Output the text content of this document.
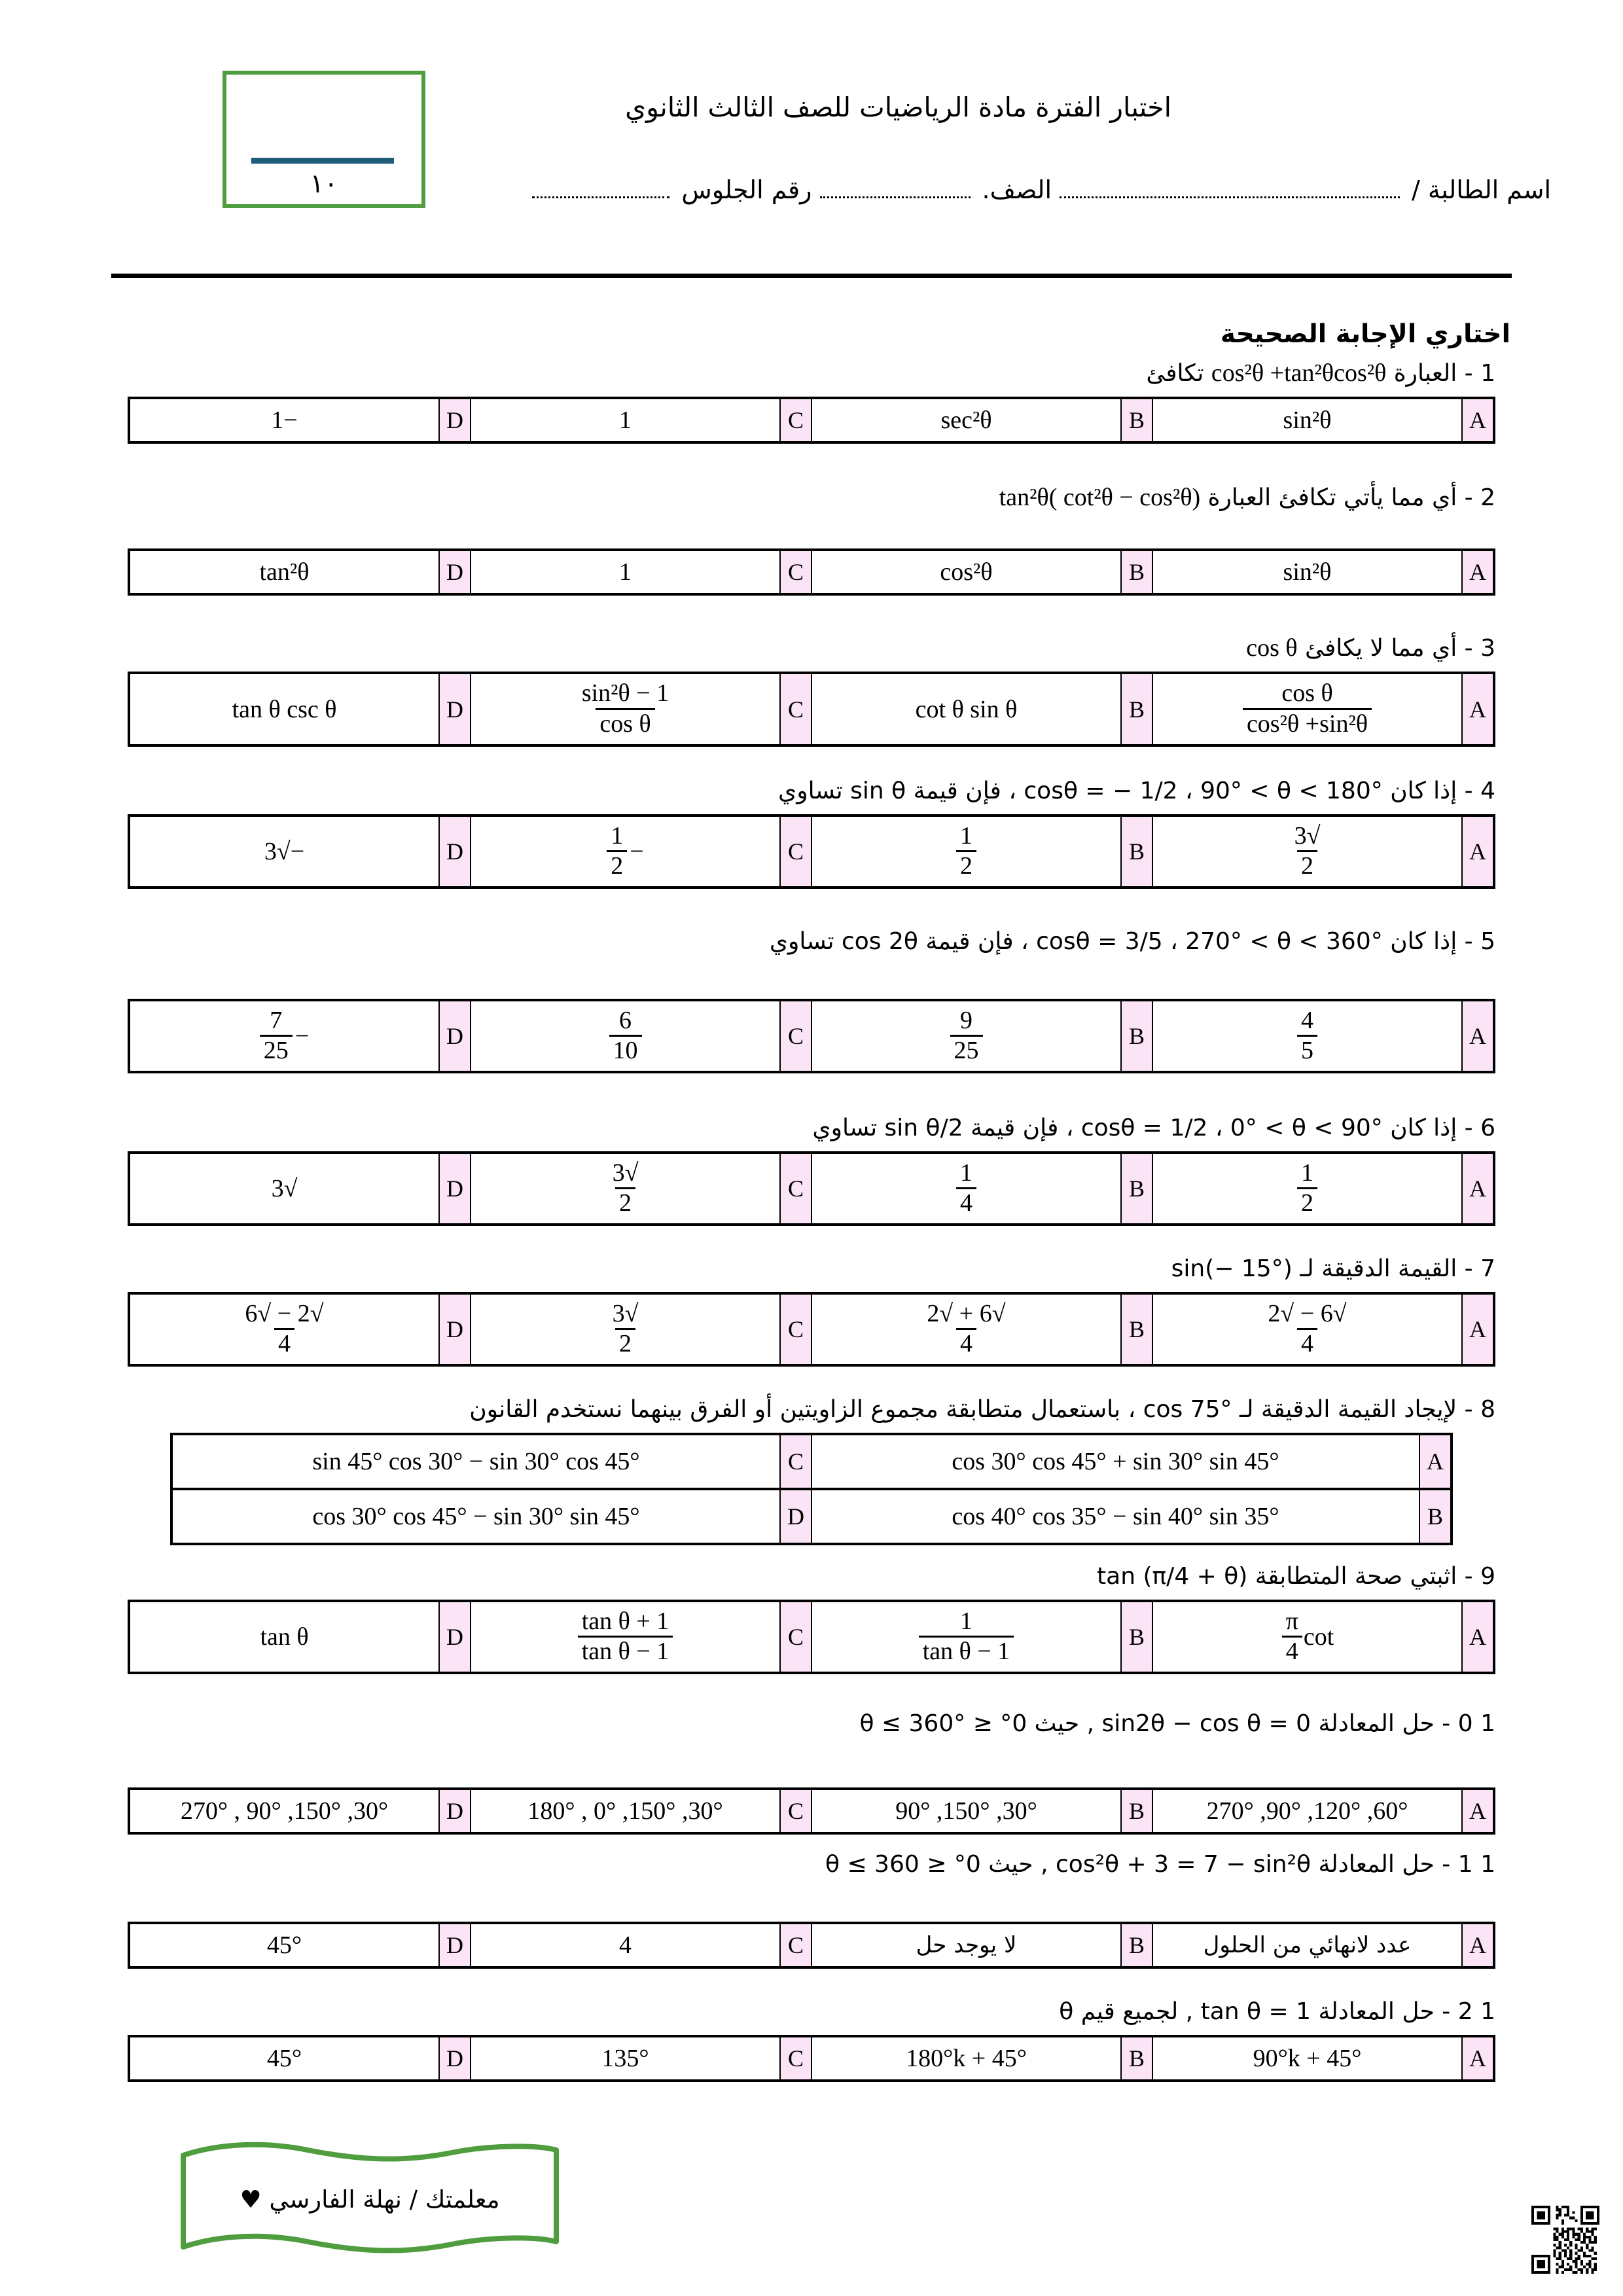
١٠
اختبار الفترة مادة الرياضيات للصف الثالث الثانوي
اسم الطالبة /
الصف.
رقم الجلوس
اختاري الإجابة الصحيحة
1 - العبارة cos²θ +tan²θcos²θ تكافئ
A
sin²θ
B
sec²θ
C
1
D
−1
2 - أي مما يأتي تكافئ العبارة tan²θ( cot²θ − cos²θ)
A
sin²θ
B
cos²θ
C
1
D
tan²θ
3 - أي مما لا يكافئ cos θ
A
$\frac{\text{cos θ}}{\text{cos²θ +sin²θ}}$
B
cot θ sin θ
C
$\frac{\text{1 − sin²θ}}{\text{cos θ}}$
D
tan θ csc θ
4 - إذا كان cosθ = − 1/2 ، 90° < θ < 180° ، فإن قيمة sin θ تساوي
A
$\frac{√3}{2}$
B
$\frac{1}{2}$
C
−
$\frac{1}{2}$
D
−√3
5 - إذا كان cosθ = 3/5 ، 270° < θ < 360° ، فإن قيمة cos 2θ تساوي
A
$\frac{4}{5}$
B
$\frac{9}{25}$
C
$\frac{6}{10}$
D
−
$\frac{7}{25}$
6 - إذا كان cosθ = 1/2 ، 0° < θ < 90° ، فإن قيمة sin θ/2 تساوي
A
$\frac{1}{2}$
B
$\frac{1}{4}$
C
$\frac{√3}{2}$
D
√3
7 - القيمة الدقيقة لـ sin(− 15°)
A
$\frac{√6 - √2}{4}$
B
$\frac{√6 + √2}{4}$
C
$\frac{√3}{2}$
D
$\frac{√2 - √6}{4}$
8 - لإيجاد القيمة الدقيقة لـ cos 75° ، باستعمال متطابقة مجموع الزاويتين أو الفرق بينهما نستخدم القانون
A
cos 30° cos 45° + sin 30° sin 45°
C
sin 45° cos 30° − sin 30° cos 45°
B
cos 40° cos 35° − sin 40° sin 35°
D
cos 30° cos 45° − sin 30° sin 45°
9 - اثبتي صحة المتطابقة tan (π/4 + θ)
A
cot
$\frac{\pi}{4}$
B
$\frac{1}{\text{1 − tan θ}}$
C
$\frac{\text{1 + tan θ}}{\text{1 − tan θ}}$
D
tan θ
1 0 - حل المعادلة sin2θ − cos θ = 0 , حيث 0° ≤ θ ≤ 360°
A
60°, 120°, 90°, 270°
B
30°, 150°, 90°
C
30°, 150°, 0° , 180°
D
30°, 150°, 90° , 270°
1 1 - حل المعادلة cos²θ + 3 = 7 − sin²θ , حيث 0° ≤ θ ≤ 360
A
عدد لانهائي من الحلول
B
لا يوجد حل
C
4
D
45°
1 2 - حل المعادلة tan θ = 1 , لجميع قيم θ
A
45° + 90°k
B
45° + 180°k
C
135°
D
45°
معلمتك / نهلة الفارسي ♥
